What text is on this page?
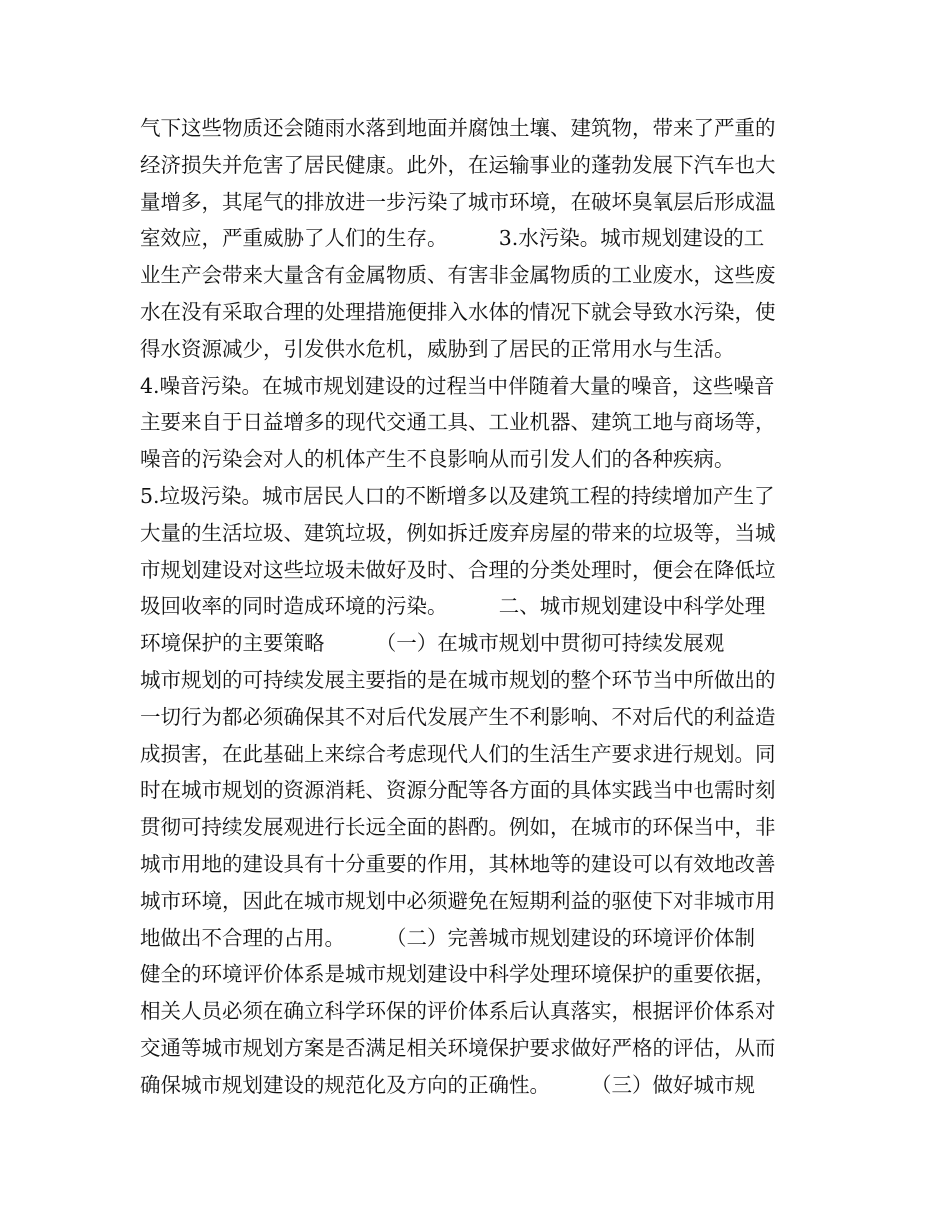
气下这些物质还会随雨水落到地面并腐蚀土壤、建筑物，带来了严重的
经济损失并危害了居民健康。此外，在运输事业的蓬勃发展下汽车也大
量增多，其尾气的排放进一步污染了城市环境，在破坏臭氧层后形成温
室效应，严重威胁了人们的生存。　　　3.水污染。城市规划建设的工
业生产会带来大量含有金属物质、有害非金属物质的工业废水，这些废
水在没有采取合理的处理措施便排入水体的情况下就会导致水污染，使
得水资源减少，引发供水危机，威胁到了居民的正常用水与生活。
4.噪音污染。在城市规划建设的过程当中伴随着大量的噪音，这些噪音
主要来自于日益增多的现代交通工具、工业机器、建筑工地与商场等，
噪音的污染会对人的机体产生不良影响从而引发人们的各种疾病。
5.垃圾污染。城市居民人口的不断增多以及建筑工程的持续增加产生了
大量的生活垃圾、建筑垃圾，例如拆迁废弃房屋的带来的垃圾等，当城
市规划建设对这些垃圾未做好及时、合理的分类处理时，便会在降低垃
圾回收率的同时造成环境的污染。　　　二、城市规划建设中科学处理
环境保护的主要策略　　　（一）在城市规划中贯彻可持续发展观
城市规划的可持续发展主要指的是在城市规划的整个环节当中所做出的
一切行为都必须确保其不对后代发展产生不利影响、不对后代的利益造
成损害，在此基础上来综合考虑现代人们的生活生产要求进行规划。同
时在城市规划的资源消耗、资源分配等各方面的具体实践当中也需时刻
贯彻可持续发展观进行长远全面的斟酌。例如，在城市的环保当中，非
城市用地的建设具有十分重要的作用，其林地等的建设可以有效地改善
城市环境，因此在城市规划中必须避免在短期利益的驱使下对非城市用
地做出不合理的占用。　　　（二）完善城市规划建设的环境评价体制
健全的环境评价体系是城市规划建设中科学处理环境保护的重要依据，
相关人员必须在确立科学环保的评价体系后认真落实，根据评价体系对
交通等城市规划方案是否满足相关环境保护要求做好严格的评估，从而
确保城市规划建设的规范化及方向的正确性。　　　（三）做好城市规
